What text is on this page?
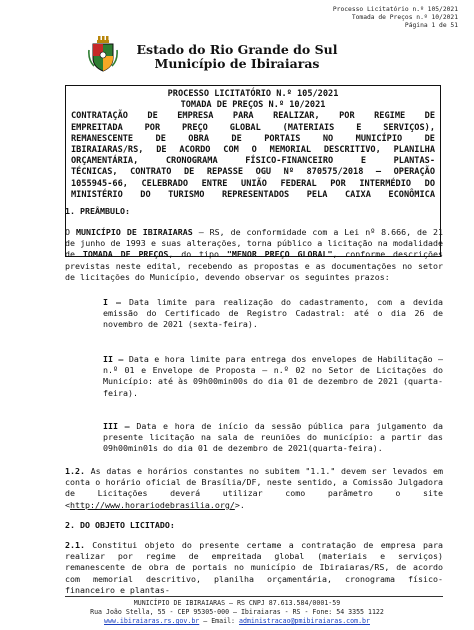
Processo Licitatório n.º 105/2021
Tomada de Preços n.º 10/2021
Página 1 de 51
Estado do Rio Grande do Sul
Município de Ibiraiaras
PROCESSO LICITATÓRIO N.º 105/2021
TOMADA DE PREÇOS N.º 10/2021
CONTRATAÇÃO DE EMPRESA PARA REALIZAR, POR REGIME DE
EMPREITADA POR PREÇO GLOBAL (MATERIAIS E SERVIÇOS),
REMANESCENTE DE OBRA DE PORTAIS NO MUNICÍPIO DE
IBIRAIARAS/RS, DE ACORDO COM O MEMORIAL DESCRITIVO, PLANILHA
ORÇAMENTÁRIA, CRONOGRAMA FÍSICO-FINANCEIRO E PLANTAS-
TÉCNICAS, CONTRATO DE REPASSE OGU Nº 870575/2018 – OPERAÇÃO
1055945-66, CELEBRADO ENTRE UNIÃO FEDERAL POR INTERMÉDIO DO
MINISTÉRIO DO TURISMO REPRESENTADOS PELA CAIXA ECONÔMICA
1. PREÂMBULO:
O MUNICÍPIO DE IBIRAIARAS – RS, de conformidade com a Lei nº 8.666, de 21 de junho de 1993 e suas alterações, torna público a licitação na modalidade de TOMADA DE PREÇOS, do tipo "MENOR PREÇO GLOBAL", conforme descrições previstas neste edital, recebendo as propostas e as documentações no setor de licitações do Município, devendo observar os seguintes prazos:
I – Data limite para realização do cadastramento, com a devida emissão do Certificado de Registro Cadastral: até o dia 26 de novembro de 2021 (sexta-feira).
II – Data e hora limite para entrega dos envelopes de Habilitação – n.º 01 e Envelope de Proposta – n.º 02 no Setor de Licitações do Município: até às 09h00min00s do dia 01 de dezembro de 2021 (quarta-feira).
III – Data e hora de início da sessão pública para julgamento da presente licitação na sala de reuniões do município: a partir das 09h00min01s do dia 01 de dezembro de 2021(quarta-feira).
1.2. As datas e horários constantes no subitem "1.1." devem ser levados em conta o horário oficial de Brasília/DF, neste sentido, a Comissão Julgadora de Licitações deverá utilizar como parâmetro o site <http://www.horariodebrasilia.org/>.
2. DO OBJETO LICITADO:
2.1. Constitui objeto do presente certame a contratação de empresa para realizar por regime de empreitada global (materiais e serviços) remanescente de obra de portais no município de Ibiraiaras/RS, de acordo com memorial descritivo, planilha orçamentária, cronograma físico-financeiro e plantas-
MUNICÍPIO DE IBIRAIARAS – RS CNPJ 87.613.584/0001-59
Rua João Stella, 55 - CEP 95305-000 – Ibiraiaras - RS - Fone: 54 3355 1122
www.ibiraiaras.rs.gov.br – Email: administracao@pmibiraiaras.com.br
